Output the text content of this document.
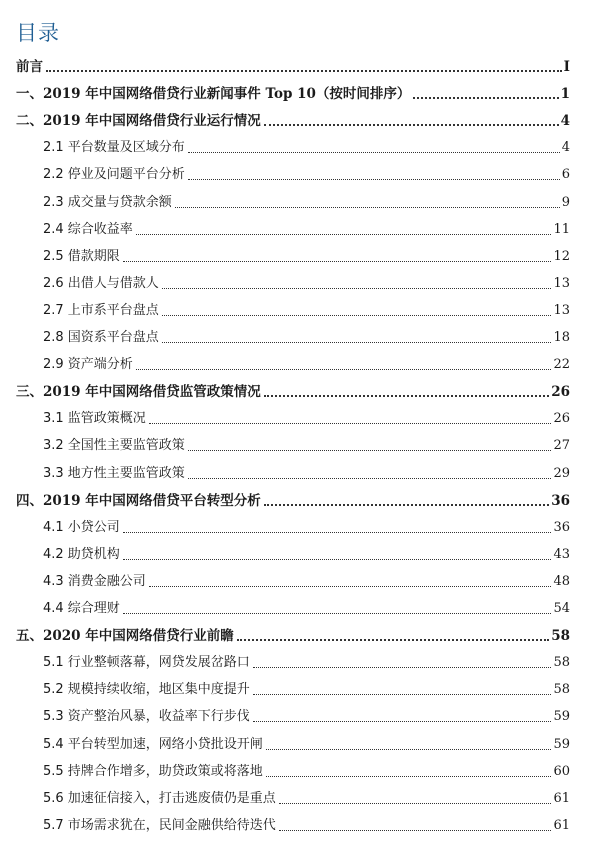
目录
前言	I
一、2019 年中国网络借贷行业新闻事件 Top 10（按时间排序）	1
二、2019 年中国网络借贷行业运行情况	4
2.1 平台数量及区域分布	4
2.2 停业及问题平台分析	6
2.3 成交量与贷款余额	9
2.4 综合收益率	11
2.5 借款期限	12
2.6 出借人与借款人	13
2.7 上市系平台盘点	13
2.8 国资系平台盘点	18
2.9 资产端分析	22
三、2019 年中国网络借贷监管政策情况	26
3.1 监管政策概况	26
3.2 全国性主要监管政策	27
3.3 地方性主要监管政策	29
四、2019 年中国网络借贷平台转型分析	36
4.1 小贷公司	36
4.2 助贷机构	43
4.3 消费金融公司	48
4.4 综合理财	54
五、2020 年中国网络借贷行业前瞻	58
5.1 行业整顿落幕，网贷发展岔路口	58
5.2 规模持续收缩，地区集中度提升	58
5.3 资产整治风暴，收益率下行步伐	59
5.4 平台转型加速，网络小贷批设开闸	59
5.5 持牌合作增多，助贷政策或将落地	60
5.6 加速征信接入，打击逃废债仍是重点	61
5.7 市场需求犹在，民间金融供给待迭代	61
